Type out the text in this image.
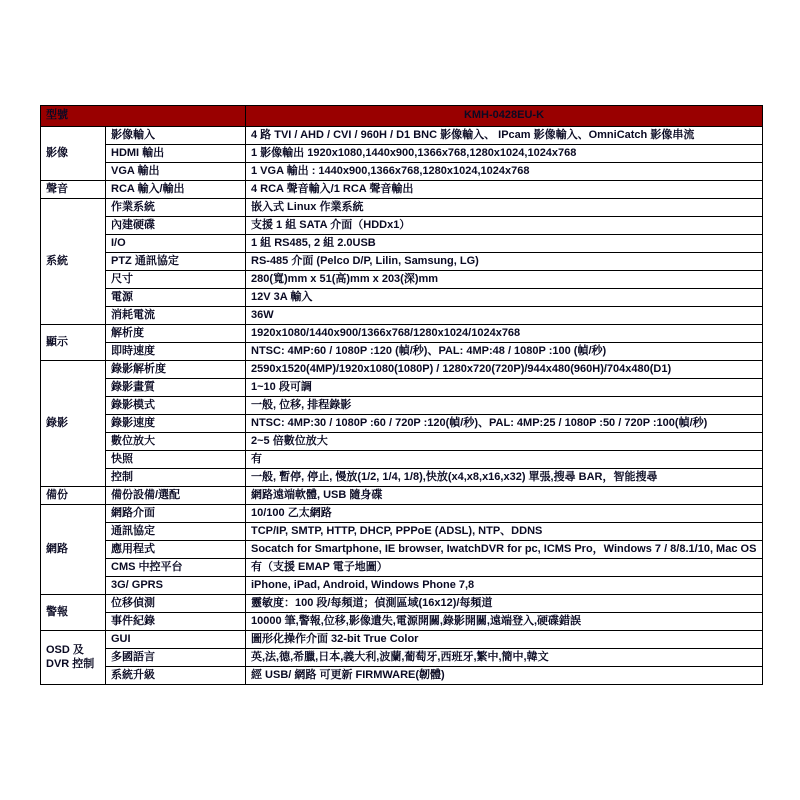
型號		KMH-0428EU-K
影像	影像輸入	4 路 TVI / AHD / CVI / 960H / D1 BNC 影像輸入、 IPcam 影像輸入、OmniCatch 影像串流
	HDMI 輸出	1 影像輸出 1920x1080,1440x900,1366x768,1280x1024,1024x768
	VGA 輸出	1 VGA 輸出 : 1440x900,1366x768,1280x1024,1024x768
聲音	RCA 輸入/輸出	4 RCA 聲音輸入/1 RCA 聲音輸出
系統	作業系統	嵌入式 Linux 作業系統
	內建硬碟	支援 1 組 SATA 介面（HDDx1）
	I/O	1 組 RS485, 2 組 2.0USB
	PTZ 通訊協定	RS-485 介面 (Pelco D/P, Lilin, Samsung, LG)
	尺寸	280(寬)mm x 51(高)mm x 203(深)mm
	電源	12V 3A 輸入
	消耗電流	36W
顯示	解析度	1920x1080/1440x900/1366x768/1280x1024/1024x768
	即時速度	NTSC: 4MP:60 / 1080P :120 (幀/秒)、PAL: 4MP:48 / 1080P :100 (幀/秒)
錄影	錄影解析度	2590x1520(4MP)/1920x1080(1080P) / 1280x720(720P)/944x480(960H)/704x480(D1)
	錄影畫質	1~10 段可調
	錄影模式	一般, 位移, 排程錄影
	錄影速度	NTSC: 4MP:30 / 1080P :60 / 720P :120(幀/秒)、PAL: 4MP:25 / 1080P :50 / 720P :100(幀/秒)
	數位放大	2~5 倍數位放大
	快照	有
	控制	一般, 暫停, 停止, 慢放(1/2, 1/4, 1/8),快放(x4,x8,x16,x32) 單張,搜尋 BAR，智能搜尋
備份	備份設備/選配	網路遠端軟體, USB 隨身碟
網路	網路介面	10/100 乙太網路
	通訊協定	TCP/IP, SMTP, HTTP, DHCP, PPPoE (ADSL), NTP、DDNS
	應用程式	Socatch for Smartphone, IE browser, IwatchDVR for pc, ICMS Pro，Windows 7 / 8/8.1/10, Mac OS
	CMS 中控平台	有（支援 EMAP 電子地圖）
	3G/ GPRS	iPhone, iPad, Android, Windows Phone 7,8
警報	位移偵測	靈敏度：100 段/每頻道；偵測區域(16x12)/每頻道
	事件紀錄	10000 筆,警報,位移,影像遺失,電源開關,錄影開關,遠端登入,硬碟錯誤
OSD 及 DVR 控制	GUI	圖形化操作介面 32-bit True Color
	多國語言	英,法,德,希臘,日本,義大利,波蘭,葡萄牙,西班牙,繁中,簡中,韓文
	系統升級	經 USB/ 網路 可更新 FIRMWARE(韌體)
